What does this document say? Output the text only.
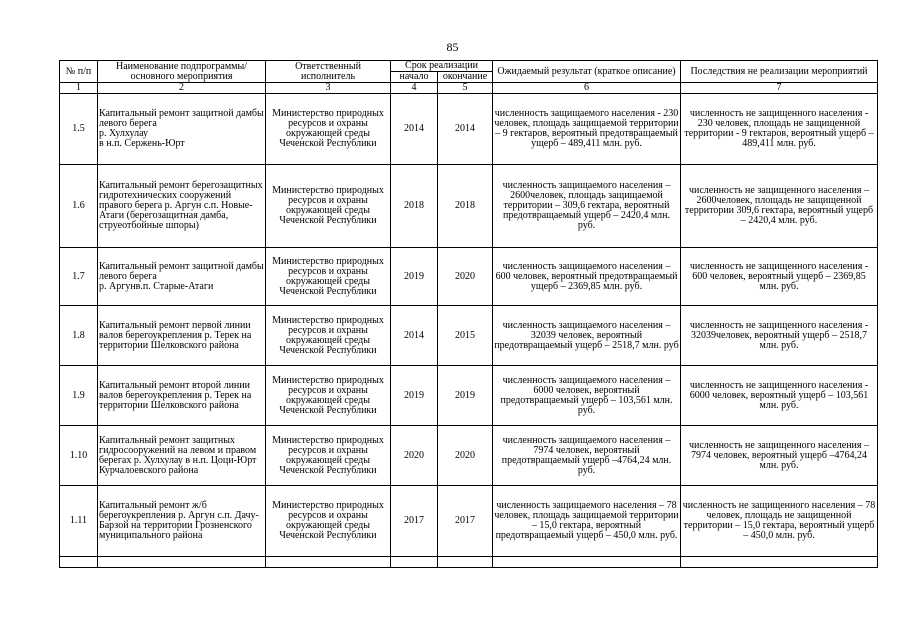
85
№ п/п	Наименование подпрограммы/ основного мероприятия	Ответственный исполнитель	Срок реализации		Ожидаемый результат (краткое описание)	Последствия не реализации мероприятий
			начало	окончание		
1	2	3	4	5	6	7
1.5	Капитальный ремонт защитной дамбы левого берега
р. Хулхулау
в н.п. Сержень-Юрт	Министерство природных ресурсов и охраны окружающей среды Чеченской Республики	2014	2014	численность защищаемого населения - 230 человек, площадь защищаемой территории – 9 гектаров, вероятный предотвращаемый ущерб – 489,411 млн. руб.	численность не защищенного населения - 230 человек, площадь не защищенной территории - 9 гектаров, вероятный ущерб – 489,411 млн. руб.
1.6	Капитальный ремонт берегозащитных гидротехнических сооружений правого берега р. Аргун с.п. Новые-Атаги (берегозащитная дамба, струеотбойные шпоры)	Министерство природных ресурсов и охраны окружающей среды Чеченской Республики	2018	2018	численность защищаемого населения – 2600человек, площадь защищаемой территории – 309,6 гектара, вероятный предотвращаемый ущерб – 2420,4 млн. руб.	численность не защищенного населения –2600человек, площадь не защищенной территории 309,6 гектара, вероятный ущерб – 2420,4 млн. руб.
1.7	Капитальный ремонт защитной дамбы левого берега
р. Аргунв.п. Старые-Атаги	Министерство природных ресурсов и охраны окружающей среды Чеченской Республики	2019	2020	численность защищаемого населения – 600 человек, вероятный предотвращаемый ущерб – 2369,85 млн. руб.	численность не защищенного населения - 600 человек, вероятный ущерб – 2369,85 млн. руб.
1.8	Капитальный ремонт первой линии валов берегоукрепления р. Терек на территории Шелковского района	Министерство природных ресурсов и охраны окружающей среды Чеченской Республики	2014	2015	численность защищаемого населения – 32039 человек, вероятный предотвращаемый ущерб – 2518,7 млн. руб	численность не защищенного населения - 32039человек, вероятный ущерб – 2518,7 млн. руб.
1.9	Капитальный ремонт второй линии валов берегоукрепления р. Терек на территории Шелковского района	Министерство природных ресурсов и охраны окружающей среды Чеченской Республики	2019	2019	численность защищаемого населения – 6000 человек, вероятный предотвращаемый ущерб – 103,561 млн. руб.	численность не защищенного населения - 6000 человек, вероятный ущерб – 103,561 млн. руб.
1.10	Капитальный ремонт защитных гидросооружений на левом и правом берегах р. Хулхулау в н.п. Цоци-Юрт Курчалоевского района	Министерство природных ресурсов и охраны окружающей среды Чеченской Республики	2020	2020	численность защищаемого населения – 7974 человек, вероятный предотвращаемый ущерб –4764,24 млн. руб.	численность не защищенного населения – 7974 человек, вероятный ущерб –4764,24 млн. руб.
1.11	Капитальный ремонт ж/б берегоукрепления р. Аргун с.п. Дачу-Барзой на территории Грозненского муниципального района	Министерство природных ресурсов и охраны окружающей среды Чеченской Республики	2017	2017	численность защищаемого населения – 78 человек, площадь защищаемой территории – 15,0 гектара, вероятный предотвращаемый ущерб – 450,0 млн. руб.	численность не защищенного населения – 78 человек, площадь не защищенной территории – 15,0 гектара, вероятный ущерб – 450,0 млн. руб.
